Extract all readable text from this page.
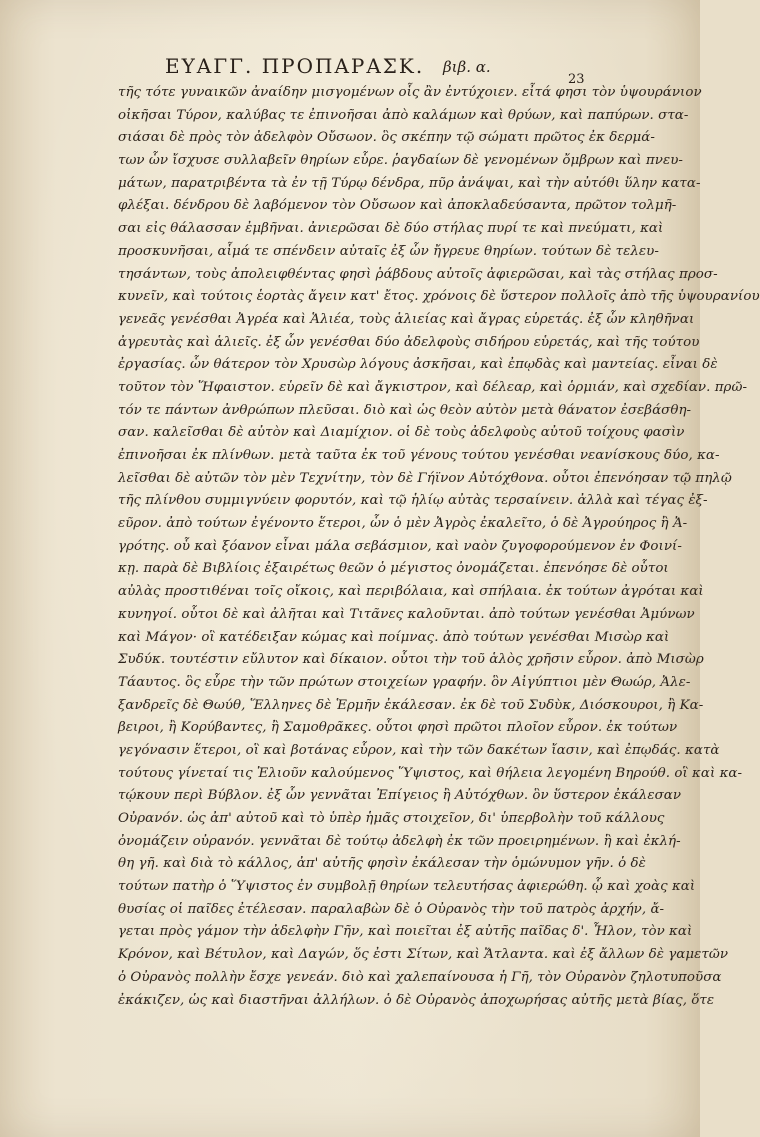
ΕΥΑΓΓ. ΠΡΟΠΑΡΑΣΚ. βιβ. α.
23
τῆς τότε γυναικῶν ἀναίδην μισγομένων οἷς ἂν ἐντύχοιεν. εἶτά φησι τὸν ὑψουράνιον
οἰκῆσαι Τύρον, καλύβας τε ἐπινοῆσαι ἀπὸ καλάμων καὶ θρύων, καὶ παπύρων. στα-
σιάσαι δὲ πρὸς τὸν ἀδελφὸν Οὔσωον. ὃς σκέπην τῷ σώματι πρῶτος ἐκ δερμά-
των ὧν ἴσχυσε συλλαβεῖν θηρίων εὗρε. ῥαγδαίων δὲ γενομένων ὄμβρων καὶ πνευ-
μάτων, παρατριβέντα τὰ ἐν τῇ Τύρῳ δένδρα, πῦρ ἀνάψαι, καὶ τὴν αὐτόθι ὕλην κατα-
φλέξαι. δένδρου δὲ λαβόμενον τὸν Οὔσωον καὶ ἀποκλαδεύσαντα, πρῶτον τολμῆ-
σαι εἰς θάλασσαν ἐμβῆναι. ἀνιερῶσαι δὲ δύο στήλας πυρί τε καὶ πνεύματι, καὶ
προσκυνῆσαι, αἷμά τε σπένδειν αὐταῖς ἐξ ὧν ἤγρευε θηρίων. τούτων δὲ τελευ-
τησάντων, τοὺς ἀπολειφθέντας φησὶ ῥάβδους αὐτοῖς ἀφιερῶσαι, καὶ τὰς στήλας προσ-
κυνεῖν, καὶ τούτοις ἑορτὰς ἄγειν κατ' ἔτος. χρόνοις δὲ ὕστερον πολλοῖς ἀπὸ τῆς ὑψουρανίου
γενεᾶς γενέσθαι Ἀγρέα καὶ Ἁλιέα, τοὺς ἁλιείας καὶ ἄγρας εὑρετάς. ἐξ ὧν κληθῆναι
ἀγρευτὰς καὶ ἁλιεῖς. ἐξ ὧν γενέσθαι δύο ἀδελφοὺς σιδήρου εὑρετάς, καὶ τῆς τούτου
ἐργασίας. ὧν θάτερον τὸν Χρυσὼρ λόγους ἀσκῆσαι, καὶ ἐπῳδὰς καὶ μαντείας. εἶναι δὲ
τοῦτον τὸν Ἥφαιστον. εὑρεῖν δὲ καὶ ἄγκιστρον, καὶ δέλεαρ, καὶ ὁρμιάν, καὶ σχεδίαν. πρῶ-
τόν τε πάντων ἀνθρώπων πλεῦσαι. διὸ καὶ ὡς θεὸν αὐτὸν μετὰ θάνατον ἐσεβάσθη-
σαν. καλεῖσθαι δὲ αὐτὸν καὶ Διαμίχιον. οἱ δὲ τοὺς ἀδελφοὺς αὐτοῦ τοίχους φασὶν
ἐπινοῆσαι ἐκ πλίνθων. μετὰ ταῦτα ἐκ τοῦ γένους τούτου γενέσθαι νεανίσκους δύο, κα-
λεῖσθαι δὲ αὐτῶν τὸν μὲν Τεχνίτην, τὸν δὲ Γήϊνον Αὐτόχθονα. οὗτοι ἐπενόησαν τῷ πηλῷ
τῆς πλίνθου συμμιγνύειν φορυτόν, καὶ τῷ ἡλίῳ αὐτὰς τερσαίνειν. ἀλλὰ καὶ τέγας ἐξ-
εῦρον. ἀπὸ τούτων ἐγένοντο ἕτεροι, ὧν ὁ μὲν Ἀγρὸς ἐκαλεῖτο, ὁ δὲ Ἀγρούηρος ἢ Ἀ-
γρότης. οὗ καὶ ξόανον εἶναι μάλα σεβάσμιον, καὶ ναὸν ζυγοφορούμενον ἐν Φοινί-
κῃ. παρὰ δὲ Βιβλίοις ἐξαιρέτως θεῶν ὁ μέγιστος ὀνομάζεται. ἐπενόησε δὲ οὗτοι
αὐλὰς προστιθέναι τοῖς οἴκοις, καὶ περιβόλαια, καὶ σπήλαια. ἐκ τούτων ἀγρόται καὶ
κυνηγοί. οὗτοι δὲ καὶ ἀλῆται καὶ Τιτᾶνες καλοῦνται. ἀπὸ τούτων γενέσθαι Ἀμύνων
καὶ Μάγον· οἳ κατέδειξαν κώμας καὶ ποίμνας. ἀπὸ τούτων γενέσθαι Μισὼρ καὶ
Συδύκ. τουτέστιν εὔλυτον καὶ δίκαιον. οὗτοι τὴν τοῦ ἁλὸς χρῆσιν εὗρον. ἀπὸ Μισὼρ
Τάαυτος. ὃς εὗρε τὴν τῶν πρώτων στοιχείων γραφήν. ὃν Αἰγύπτιοι μὲν Θωώρ, Ἀλε-
ξανδρεῖς δὲ Θωύθ, Ἕλληνες δὲ Ἑρμῆν ἐκάλεσαν. ἐκ δὲ τοῦ Συδὺκ, Διόσκουροι, ἢ Κα-
βειροι, ἢ Κορύβαντες, ἢ Σαμοθρᾶκες. οὗτοι φησὶ πρῶτοι πλοῖον εὗρον. ἐκ τούτων
γεγόνασιν ἕτεροι, οἳ καὶ βοτάνας εὗρον, καὶ τὴν τῶν δακέτων ἴασιν, καὶ ἐπῳδάς. κατὰ
τούτους γίνεταί τις Ἐλιοῦν καλούμενος Ὕψιστος, καὶ θήλεια λεγομένη Βηρούθ. οἳ καὶ κα-
τῴκουν περὶ Βύβλον. ἐξ ὧν γεννᾶται Ἐπίγειος ἢ Αὐτόχθων. ὃν ὕστερον ἐκάλεσαν
Οὐρανόν. ὡς ἀπ' αὐτοῦ καὶ τὸ ὑπὲρ ἡμᾶς στοιχεῖον, δι' ὑπερβολὴν τοῦ κάλλους
ὀνομάζειν οὐρανόν. γεννᾶται δὲ τούτῳ ἀδελφὴ ἐκ τῶν προειρημένων. ἣ καὶ ἐκλή-
θη γῆ. καὶ διὰ τὸ κάλλος, ἀπ' αὐτῆς φησὶν ἐκάλεσαν τὴν ὁμώνυμον γῆν. ὁ δὲ
τούτων πατὴρ ὁ Ὕψιστος ἐν συμβολῇ θηρίων τελευτήσας ἀφιερώθη. ᾧ καὶ χοὰς καὶ
θυσίας οἱ παῖδες ἐτέλεσαν. παραλαβὼν δὲ ὁ Οὐρανὸς τὴν τοῦ πατρὸς ἀρχήν, ἄ-
γεται πρὸς γάμον τὴν ἀδελφὴν Γῆν, καὶ ποιεῖται ἐξ αὐτῆς παῖδας δ'. Ἦλον, τὸν καὶ
Κρόνον, καὶ Βέτυλον, καὶ Δαγών, ὅς ἐστι Σίτων, καὶ Ἄτλαντα. καὶ ἐξ ἄλλων δὲ γαμετῶν
ὁ Οὐρανὸς πολλὴν ἔσχε γενεάν. διὸ καὶ χαλεπαίνουσα ἡ Γῆ, τὸν Οὐρανὸν ζηλοτυποῦσα
ἐκάκιζεν, ὡς καὶ διαστῆναι ἀλλήλων. ὁ δὲ Οὐρανὸς ἀποχωρήσας αὐτῆς μετὰ βίας, ὅτε
